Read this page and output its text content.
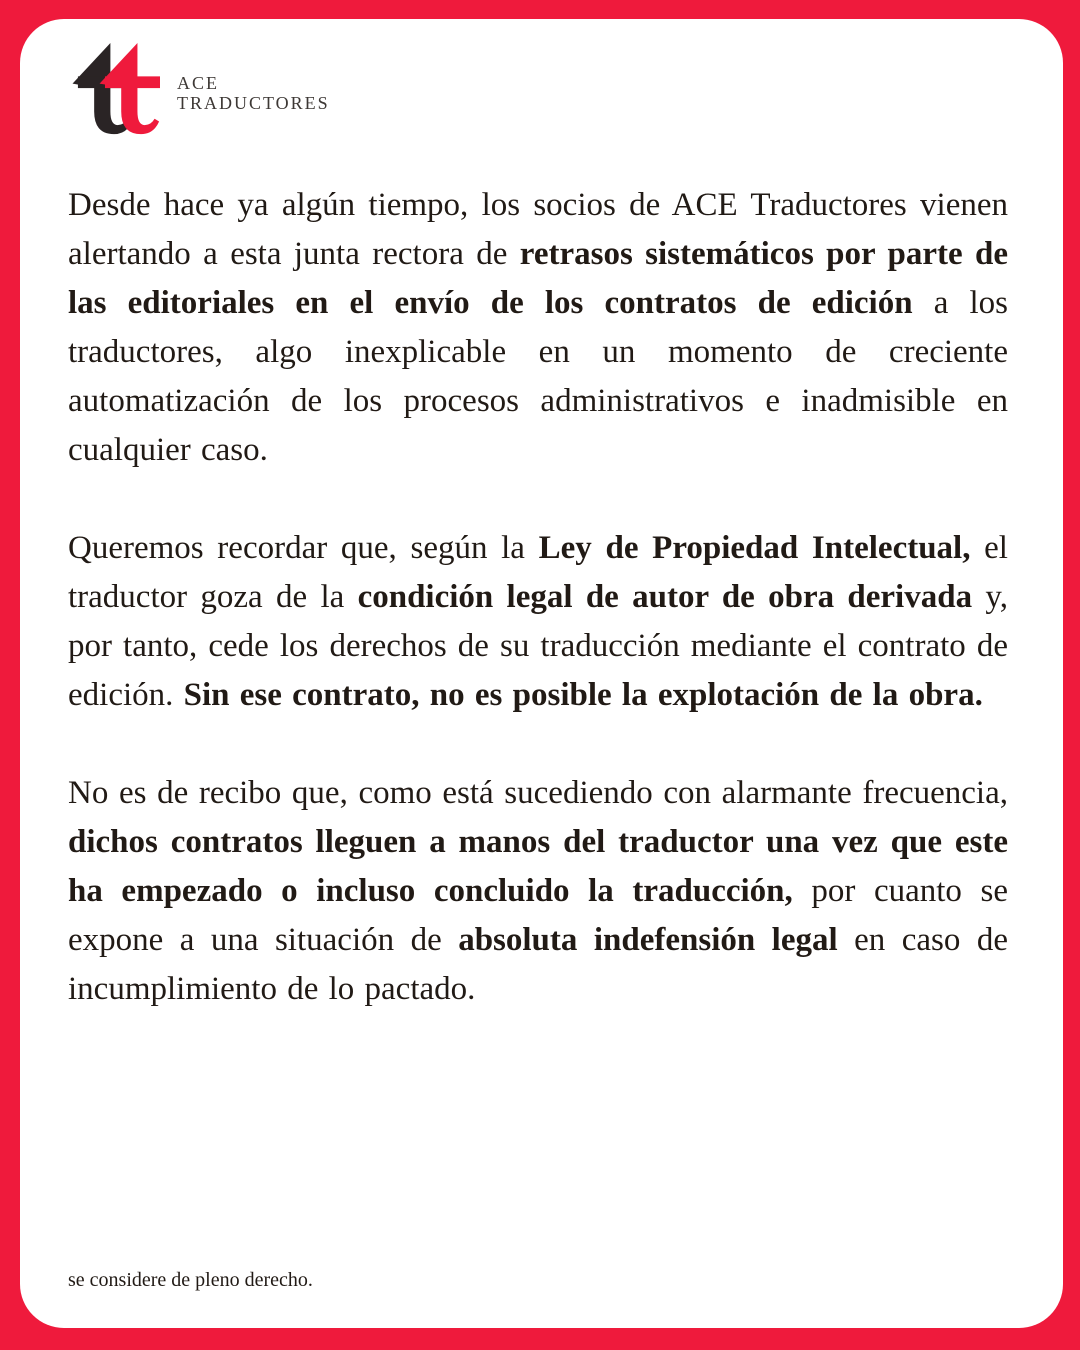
ACE
TRADUCTORES

Desde hace ya algún tiempo, los socios de ACE Traductores vienen alertando a esta junta rectora de retrasos sistemáticos por parte de las editoriales en el envío de los contratos de edición a los traductores, algo inexplicable en un momento de creciente automatización de los procesos administrativos e inadmisible en cualquier caso.

Queremos recordar que, según la Ley de Propiedad Intelectual, el traductor goza de la condición legal de autor de obra derivada y, por tanto, cede los derechos de su traducción mediante el contrato de edición. Sin ese contrato, no es posible la explotación de la obra.

No es de recibo que, como está sucediendo con alarmante frecuencia, dichos contratos lleguen a manos del traductor una vez que este ha empezado o incluso concluido la traducción, por cuanto se expone a una situación de absoluta indefensión legal en caso de incumplimiento de lo pactado.

se considere de pleno derecho.
